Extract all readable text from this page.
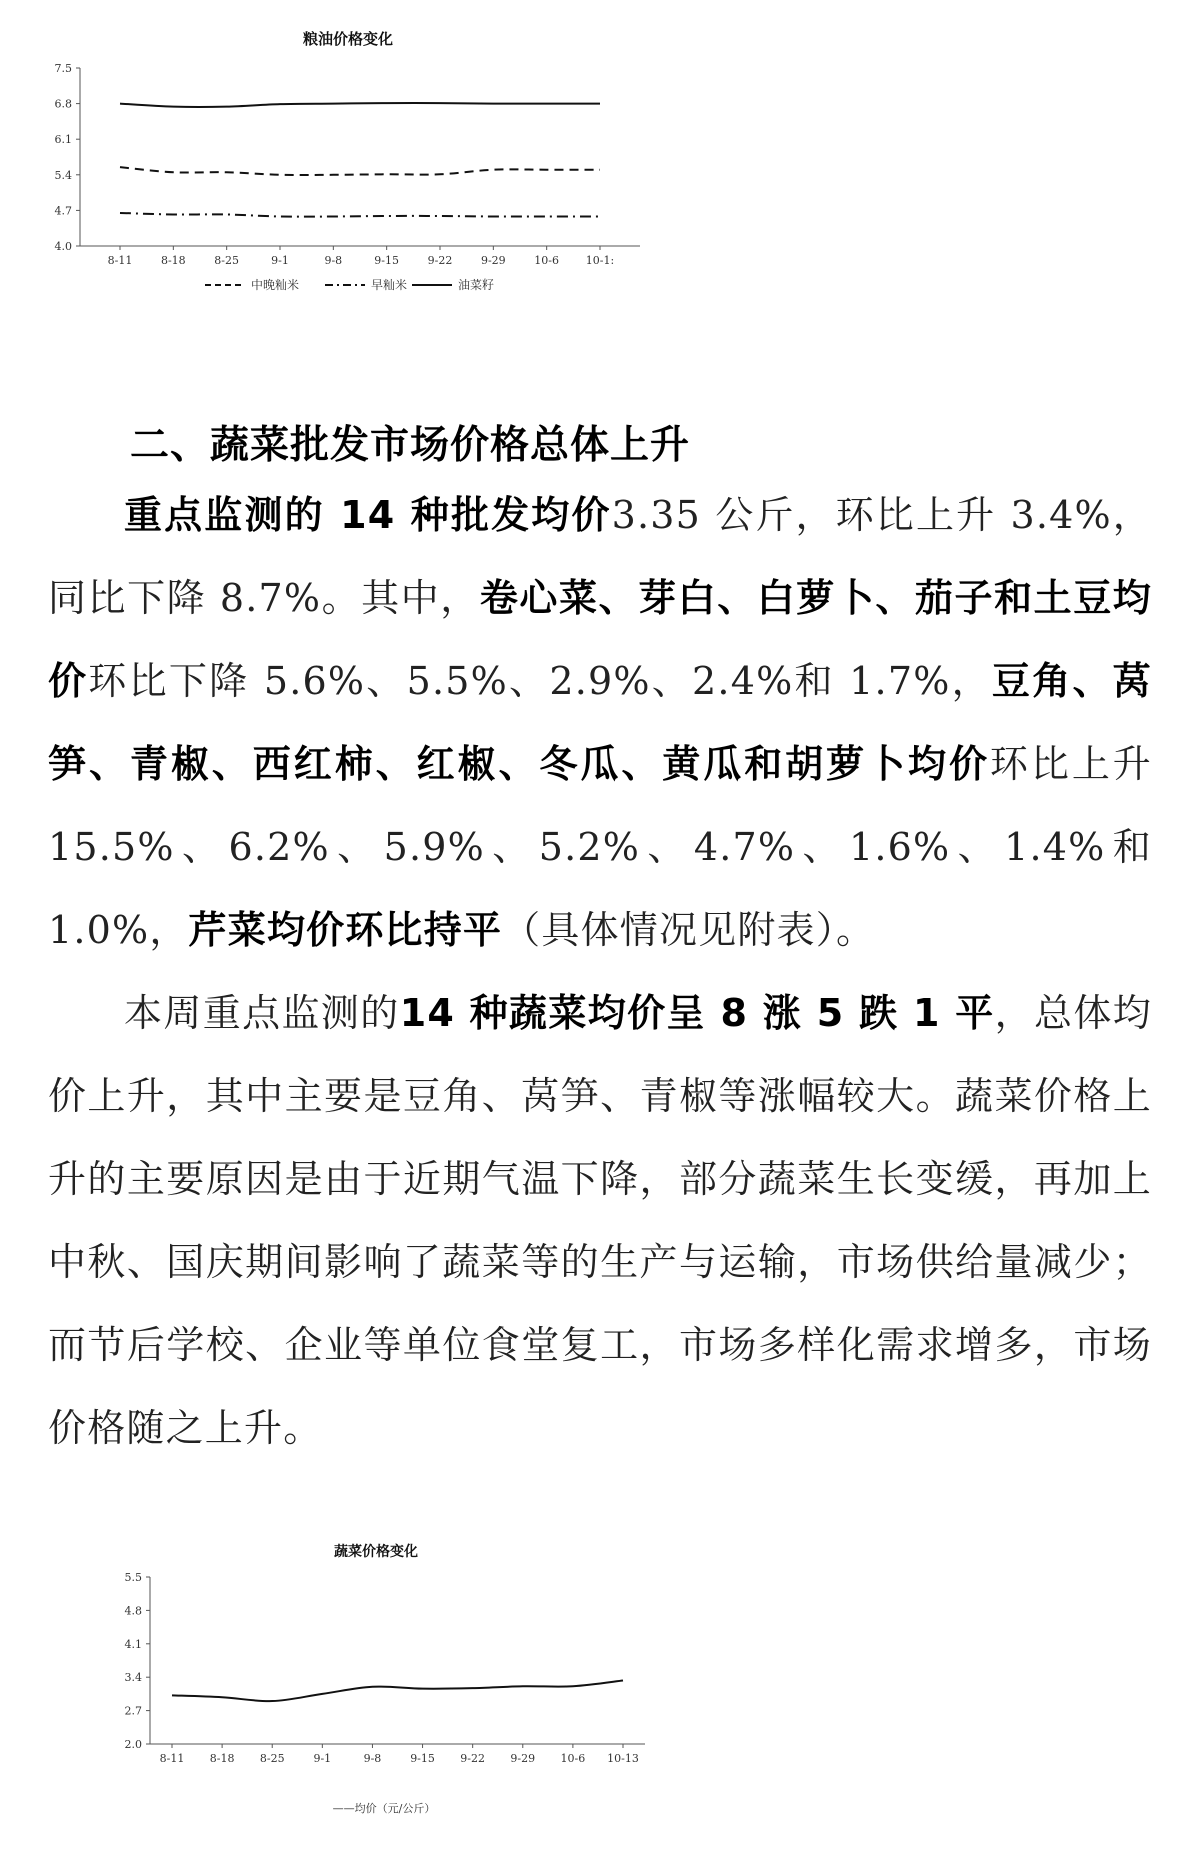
粮油价格变化
4.0
4.7
5.4
6.1
6.8
7.5
8-11	8-18	8-25	9-1	9-8	9-15	9-22	9-29	10-6 10-1:
中晚籼米	早籼米	油菜籽
二、蔬菜批发市场价格总体上升

重点监测的 14 种批发均价3.35 公斤，环比上升 3.4%，同比下降 8.7%。其中，卷心菜、芽白、白萝卜、茄子和土豆均价环比下降 5.6%、5.5%、2.9%、2.4%和 1.7%，豆角、莴笋、青椒、西红柿、红椒、冬瓜、黄瓜和胡萝卜均价环比上升 15.5%、6.2%、5.9%、5.2%、4.7%、1.6%、1.4%和 1.0%，芹菜均价环比持平（具体情况见附表）。

本周重点监测的14 种蔬菜均价呈 8 涨 5 跌 1 平，总体均价上升，其中主要是豆角、莴笋、青椒等涨幅较大。蔬菜价格上升的主要原因是由于近期气温下降，部分蔬菜生长变缓，再加上中秋、国庆期间影响了蔬菜等的生产与运输，市场供给量减少；而节后学校、企业等单位食堂复工，市场多样化需求增多，市场价格随之上升。

蔬菜价格变化
2.0
2.7
3.4
4.1
4.8
5.5
8-11 8-18 8-25	9-1	9-8	9-15 9-22 9-29 10-6 10-13
——均价（元/公斤）
